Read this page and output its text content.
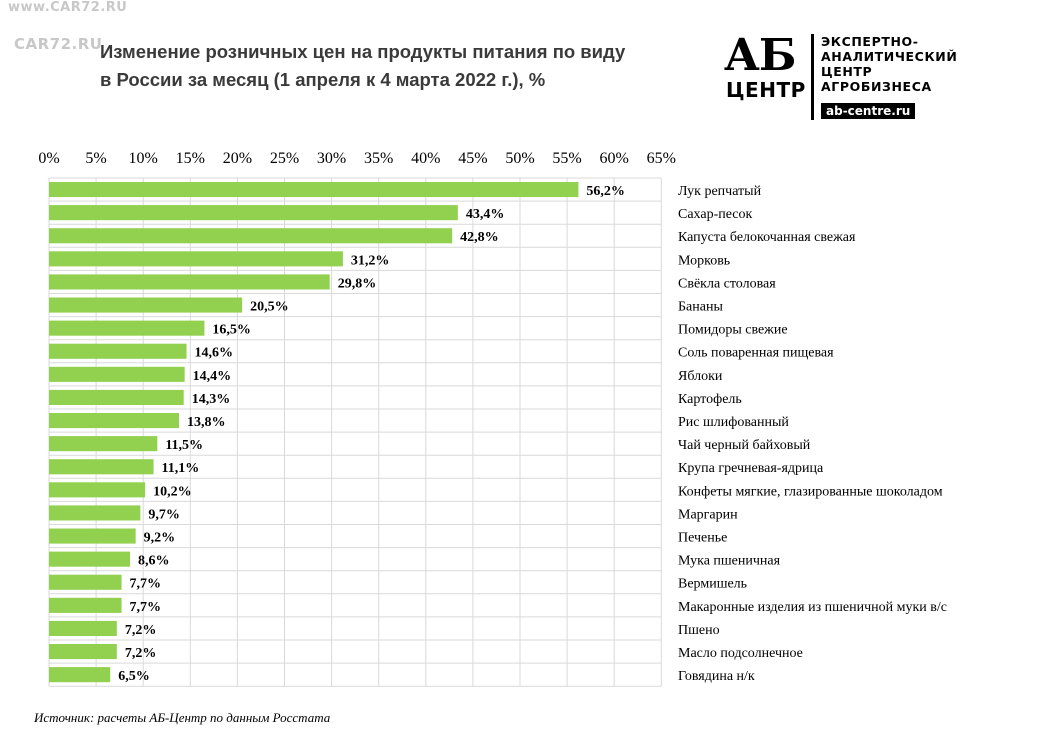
www.CAR72.RU
CAR72.RU
Изменение розничных цен на продукты питания по виду
в России за месяц (1 апреля к 4 марта 2022 г.), %	АБ
ЦЕНТР
ЭКСПЕРТНО-
АНАЛИТИЧЕСКИЙ
ЦЕНТР
АГРОБИЗНЕСА
ab-centre.ru
0% 5% 10% 15% 20% 25% 30% 35% 40% 45% 50% 55% 60% 65%
56,2%	Лук репчатый
43,4%	Сахар-песок
42,8%	Капуста белокочанная свежая
31,2%	Морковь
29,8%	Свёкла столовая
20,5%	Бананы
16,5%	Помидоры свежие
14,6%	Соль поваренная пищевая
14,4%	Яблоки
14,3%	Картофель
13,8%	Рис шлифованный
11,5%	Чай черный байховый
11,1%	Крупа гречневая-ядрица
10,2%	Конфеты мягкие, глазированные шоколадом
9,7%	Маргарин
9,2%	Печенье
8,6%	Мука пшеничная
7,7%	Вермишель
7,7%	Макаронные изделия из пшеничной муки в/с
7,2%	Пшено
7,2%	Масло подсолнечное
6,5%	Говядина н/к
Источник: расчеты АБ-Центр по данным Росстата
